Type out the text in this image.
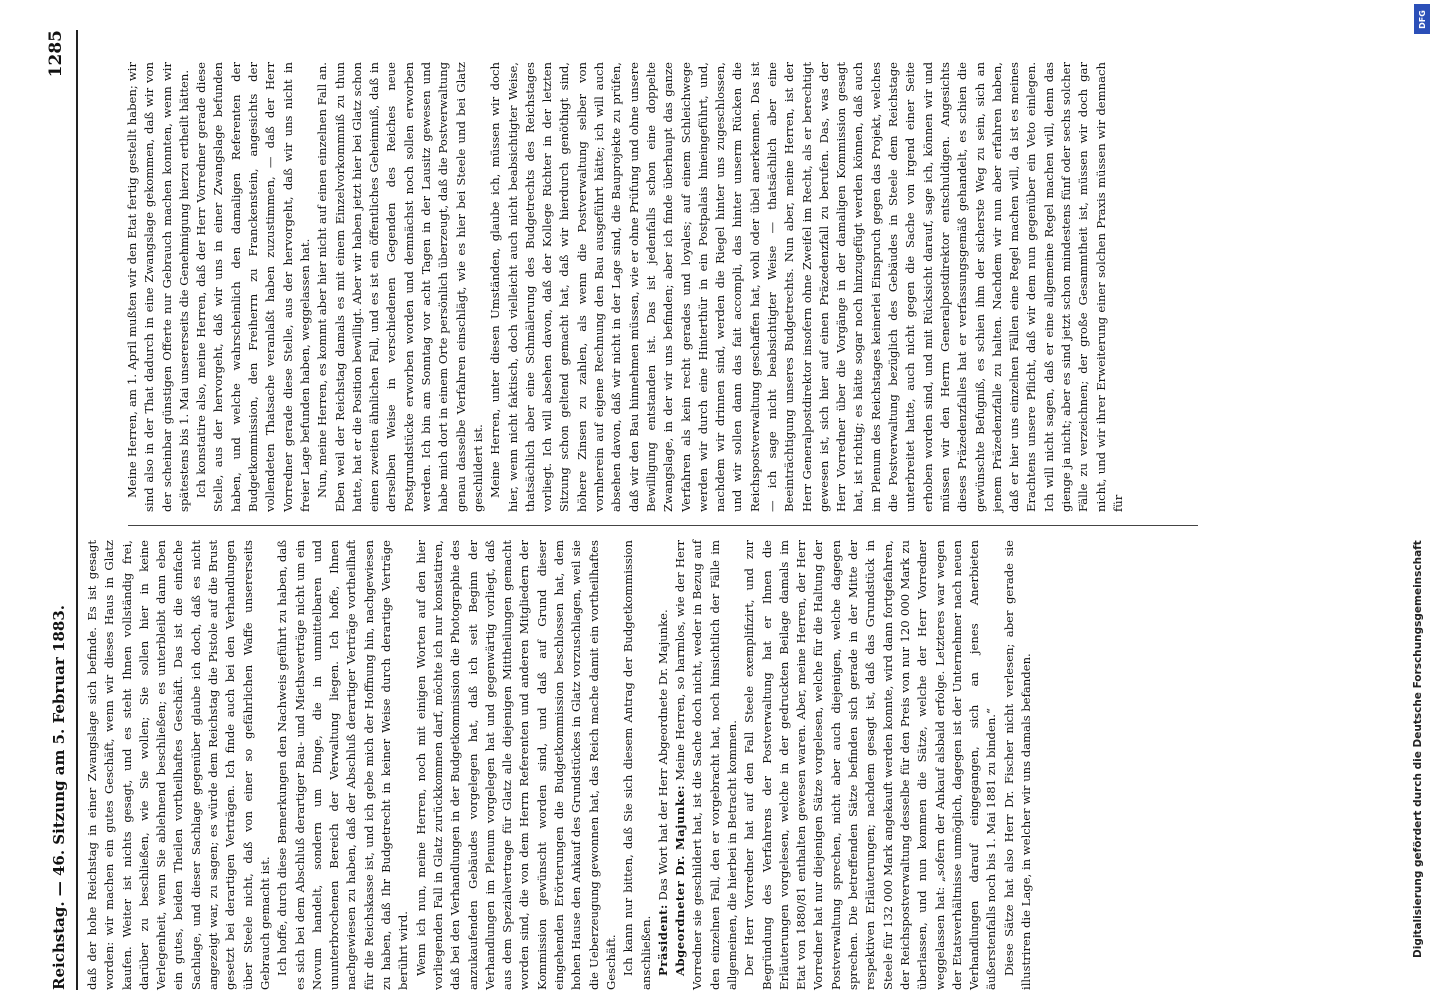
Reichstag. — 46. Sitzung am 5. Februar 1883.
1285

daß der hohe Reichstag in einer Zwangslage sich befinde. Es ist gesagt worden: wir machen ein gutes Geschäft, wenn wir dieses Haus in Glatz kaufen. Weiter ist nichts gesagt, und es steht Ihnen vollständig frei, darüber zu beschließen, wie Sie wollen; Sie sollen hier in keine Verlegenheit, wenn Sie ablehnend beschließen; es unterbleibt dann eben ein gutes, beiden Theilen vortheilhaftes Geschäft. Das ist die einfache Sachlage, und dieser Sachlage gegenüber glaube ich doch, daß es nicht angezeigt war, zu sagen; es würde dem Reichstag die Pistole auf die Brust gesetzt bei derartigen Verträgen. Ich finde auch bei den Verhandlungen über Steele nicht, daß von einer so gefährlichen Waffe unsererseits Gebrauch gemacht ist. Ich hoffe, durch diese Bemerkungen den Nachweis geführt zu haben, daß es sich bei dem Abschluß derartiger Bau- und Miethsverträge nicht um ein Novum handelt, sondern um Dinge, die in unmittelbaren und ununterbrochenen Bereich der Verwaltung liegen. Ich hoffe, Ihnen nachgewiesen zu haben, daß der Abschluß derartiger Verträge vortheilhaft für die Reichskasse ist, und ich gebe mich der Hoffnung hin, nachgewiesen zu haben, daß Ihr Budgetrecht in keiner Weise durch derartige Verträge berührt wird. Wenn ich nun, meine Herren, noch mit einigen Worten auf den hier vorliegenden Fall in Glatz zurückkommen darf, möchte ich nur konstatiren, daß bei den Verhandlungen in der Budgetkommission die Photographie des anzukaufenden Gebäudes vorgelegen hat, daß ich seit Beginn der Verhandlungen im Plenum vorgelegen hat und gegenwärtig vorliegt, daß aus dem Spezialvertrage für Glatz alle diejenigen Mittheilungen gemacht worden sind, die von dem Herrn Referenten und anderen Mitgliedern der Kommission gewünscht worden sind, und daß auf Grund dieser eingehenden Erörterungen die Budgetkommission beschlossen hat, dem hohen Hause den Ankauf des Grundstückes in Glatz vorzuschlagen, weil sie die Ueberzeugung gewonnen hat, das Reich mache damit ein vortheilhaftes Geschäft. Ich kann nur bitten, daß Sie sich diesem Antrag der Budgetkommission anschließen. Präsident: Das Wort hat der Herr Abgeordnete Dr. Majunke. Abgeordneter Dr. Majunke: Meine Herren, so harmlos, wie der Herr Vorredner sie geschildert hat, ist die Sache doch nicht, weder in Bezug auf den einzelnen Fall, den er vorgebracht hat, noch hinsichtlich der Fälle im allgemeinen, die hierbei in Betracht kommen. Der Herr Vorredner hat auf den Fall Steele exemplifizirt, und zur Begründung des Verfahrens der Postverwaltung hat er Ihnen die Erläuterungen vorgelesen, welche in der gedruckten Beilage damals im Etat von 1880/81 enthalten gewesen waren. Aber, meine Herren, der Herr Vorredner hat nur diejenigen Sätze vorgelesen, welche für die Haltung der Postverwaltung sprechen, nicht aber auch diejenigen, welche dagegen sprechen. Die betreffenden Sätze befinden sich gerade in der Mitte der respektiven Erläuterungen; nachdem gesagt ist, daß das Grundstück in Steele für 132 000 Mark angekauft werden konnte, wird dann fortgefahren, der Reichspostverwaltung desselbe für den Preis von nur 120 000 Mark zu überlassen, und nun kommen die Sätze, welche der Herr Vorredner weggelassen hat: „sofern der Ankauf alsbald erfolge. Letzteres war wegen der Etatsverhältnisse unmöglich, dagegen ist der Unternehmer nach neuen Verhandlungen darauf eingegangen, sich an jenes Anerbieten äußerstenfalls noch bis 1. Mai 1881 zu binden.“ Diese Sätze hat also Herr Dr. Fischer nicht verlesen; aber gerade sie illustriren die Lage, in welcher wir uns damals befanden.

Meine Herren, am 1. April mußten wir den Etat fertig gestellt haben; wir sind also in der That dadurch in eine Zwangslage gekommen, daß wir von der scheinbar günstigen Offerte nur Gebrauch machen konnten, wenn wir spätestens bis 1. Mai unsererseits die Genehmigung hierzu ertheilt hätten. Ich konstatire also, meine Herren, daß der Herr Vorredner gerade diese Stelle, aus der hervorgeht, daß wir uns in einer Zwangslage befunden haben, und welche wahrscheinlich den damaligen Referenten der Budgetkommission, den Freiherrn zu Franckenstein, angesichts der vollendeten Thatsache veranlaßt haben zuzustimmen, — daß der Herr Vorredner gerade diese Stelle, aus der hervorgeht, daß wir uns nicht in freier Lage befunden haben, weggelassen hat. Nun, meine Herren, es kommt aber hier nicht auf einen einzelnen Fall an. Eben weil der Reichstag damals es mit einem Einzelvorkommniß zu thun hatte, hat er die Position bewilligt. Aber wir haben jetzt hier bei Glatz schon einen zweiten ähnlichen Fall, und es ist ein öffentliches Geheimniß, daß in derselben Weise in verschiedenen Gegenden des Reiches neue Postgrundstücke erworben worden und demnächst noch sollen erworben werden. Ich bin am Sonntag vor acht Tagen in der Lausitz gewesen und habe mich dort in einem Orte persönlich überzeugt, daß die Postverwaltung genau dasselbe Verfahren einschlägt, wie es hier bei Steele und bei Glatz geschildert ist. Meine Herren, unter diesen Umständen, glaube ich, müssen wir doch hier, wenn nicht faktisch, doch vielleicht auch nicht beabsichtigter Weise, thatsächlich aber eine Schmälerung des Budgetrechts des Reichstages vorliegt. Ich will absehen davon, daß der Kollege Richter in der letzten Sitzung schon geltend gemacht hat, daß wir hierdurch genöthigt sind, höhere Zinsen zu zahlen, als wenn die Postverwaltung selber von vornherein auf eigene Rechnung den Bau ausgeführt hätte; ich will auch absehen davon, daß wir nicht in der Lage sind, die Bauprojekte zu prüfen, daß wir den Bau hinnehmen müssen, wie er ohne Prüfung und ohne unsere Bewilligung entstanden ist. Das ist jedenfalls schon eine doppelte Zwangslage, in der wir uns befinden; aber ich finde überhaupt das ganze Verfahren als kein recht gerades und loyales; auf einem Schleichwege werden wir durch eine Hinterthür in ein Postpalais hineingeführt, und, nachdem wir drinnen sind, werden die Riegel hinter uns zugeschlossen, und wir sollen dann das fait accompli, das hinter unserm Rücken die Reichspostverwaltung geschaffen hat, wohl oder übel anerkennen. Das ist — ich sage nicht beabsichtigter Weise — thatsächlich aber eine Beeinträchtigung unseres Budgetrechts. Nun aber, meine Herren, ist der Herr Generalpostdirektor insofern ohne Zweifel im Recht, als er berechtigt gewesen ist, sich hier auf einen Präzedenzfall zu berufen. Das, was der Herr Vorredner über die Vorgänge in der damaligen Kommission gesagt hat, ist richtig; es hätte sogar noch hinzugefügt werden können, daß auch im Plenum des Reichstages keinerlei Einspruch gegen das Projekt, welches die Postverwaltung bezüglich des Gebäudes in Steele dem Reichstage unterbreitet hatte, auch nicht gegen die Sache von irgend einer Seite erhoben worden sind, und mit Rücksicht darauf, sage ich, können wir und müssen wir den Herrn Generalpostdirektor entschuldigen. Angesichts dieses Präzedenzfalles hat er verfassungsgemäß gehandelt, es schien die gewünschte Befugniß, es schien ihm der sicherste Weg zu sein, sich an jenem Präzedenzfalle zu halten. Nachdem wir nun aber erfahren haben, daß er hier uns einzelnen Fällen eine Regel machen will, da ist es meines Erachtens unsere Pflicht, daß wir dem nun gegenüber ein Veto einlegen. Ich will nicht sagen, daß er eine allgemeine Regel machen will, denn das gienge ja nicht; aber es sind jetzt schon mindestens fünf oder sechs solcher Fälle zu verzeichnen; der große Gesammtheit ist, müssen wir doch gar nicht, und wir ihrer Erweiterung einer solchen Praxis müssen wir demnach für

Digitalisierung gefördert durch die Deutsche Forschungsgemeinschaft
DFG
